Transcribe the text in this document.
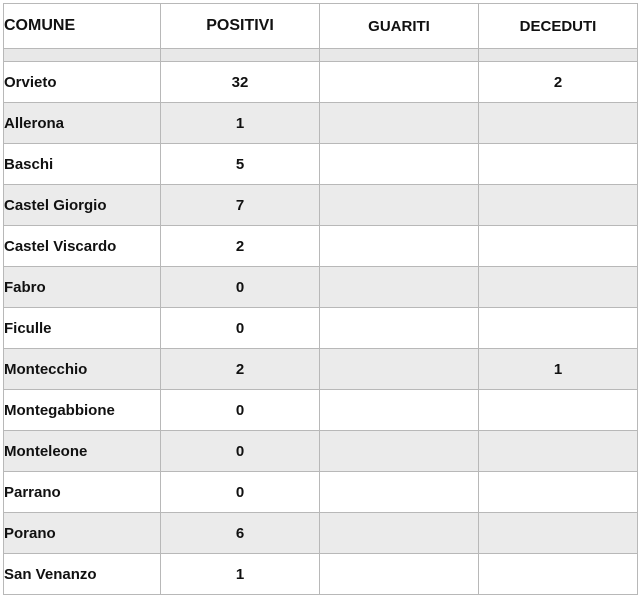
COMUNE	POSITIVI	GUARITI	DECEDUTI

Orvieto	32		2
Allerona	1		
Baschi	5		
Castel Giorgio	7		
Castel Viscardo	2		
Fabro	0		
Ficulle	0		
Montecchio	2		1
Montegabbione	0		
Monteleone	0		
Parrano	0		
Porano	6		
San Venanzo	1		
